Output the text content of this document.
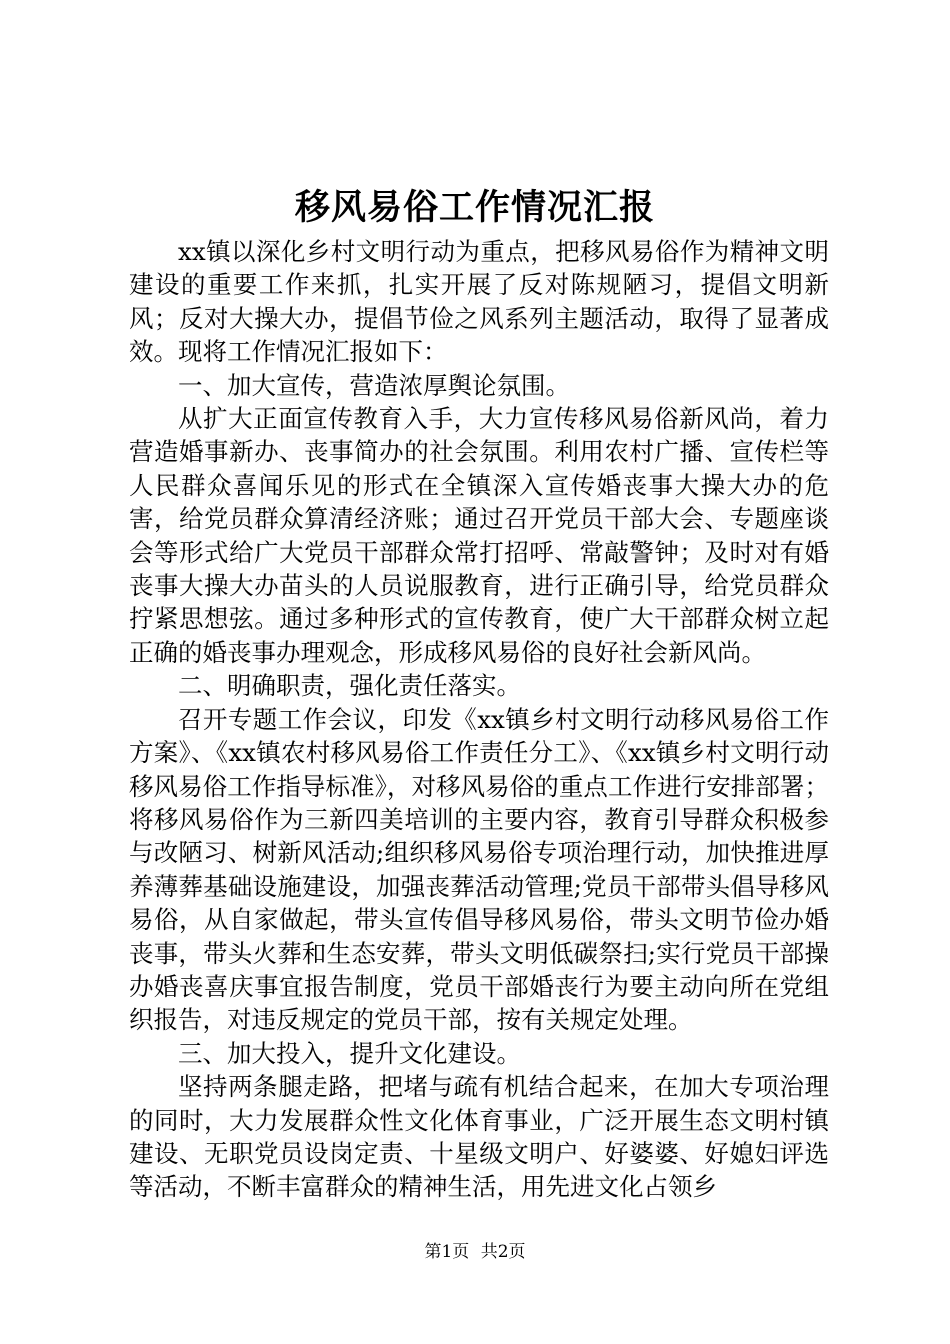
移风易俗工作情况汇报

xx镇以深化乡村文明行动为重点，把移风易俗作为精神文明建设的重要工作来抓，扎实开展了反对陈规陋习，提倡文明新风；反对大操大办，提倡节俭之风系列主题活动，取得了显著成效。现将工作情况汇报如下：

一、加大宣传，营造浓厚舆论氛围。

从扩大正面宣传教育入手，大力宣传移风易俗新风尚，着力营造婚事新办、丧事简办的社会氛围。利用农村广播、宣传栏等人民群众喜闻乐见的形式在全镇深入宣传婚丧事大操大办的危害，给党员群众算清经济账；通过召开党员干部大会、专题座谈会等形式给广大党员干部群众常打招呼、常敲警钟；及时对有婚丧事大操大办苗头的人员说服教育，进行正确引导，给党员群众拧紧思想弦。通过多种形式的宣传教育，使广大干部群众树立起正确的婚丧事办理观念，形成移风易俗的良好社会新风尚。

二、明确职责，强化责任落实。

召开专题工作会议，印发《xx镇乡村文明行动移风易俗工作方案》、《xx镇农村移风易俗工作责任分工》、《xx镇乡村文明行动移风易俗工作指导标准》，对移风易俗的重点工作进行安排部署；将移风易俗作为三新四美培训的主要内容，教育引导群众积极参与改陋习、树新风活动;组织移风易俗专项治理行动，加快推进厚养薄葬基础设施建设，加强丧葬活动管理;党员干部带头倡导移风易俗，从自家做起，带头宣传倡导移风易俗，带头文明节俭办婚丧事，带头火葬和生态安葬，带头文明低碳祭扫;实行党员干部操办婚丧喜庆事宜报告制度，党员干部婚丧行为要主动向所在党组织报告，对违反规定的党员干部，按有关规定处理。

三、加大投入，提升文化建设。

坚持两条腿走路，把堵与疏有机结合起来，在加大专项治理的同时，大力发展群众性文化体育事业，广泛开展生态文明村镇建设、无职党员设岗定责、十星级文明户、好婆婆、好媳妇评选等活动，不断丰富群众的精神生活，用先进文化占领乡

第1页 共2页
